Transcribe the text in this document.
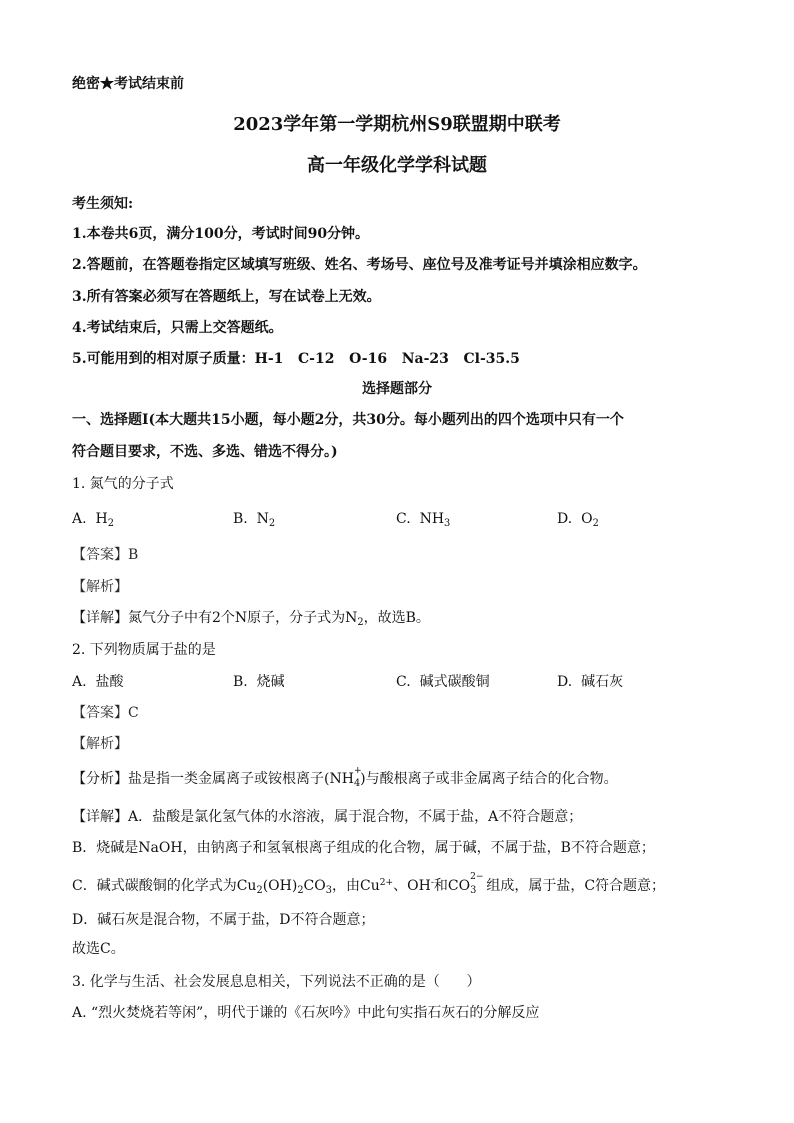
绝密★考试结束前
2023学年第一学期杭州S9联盟期中联考
高一年级化学学科试题
考生须知:
1.本卷共6页，满分100分，考试时间90分钟。
2.答题前，在答题卷指定区域填写班级、姓名、考场号、座位号及准考证号并填涂相应数字。
3.所有答案必须写在答题纸上，写在试卷上无效。
4.考试结束后，只需上交答题纸。
5.可能用到的相对原子质量：H-1   C-12   O-16   Na-23   Cl-35.5
选择题部分
一、选择题Ⅰ(本大题共15小题，每小题2分，共30分。每小题列出的四个选项中只有一个
符合题目要求，不选、多选、错选不得分。)
1. 氮气的分子式
A. $H_2$	B. $N_2$	C. $NH_3$	D. $O_2$
【答案】B
【解析】
【详解】氮气分子中有2个N原子，分子式为$N_2$，故选B。
2. 下列物质属于盐的是
A.  盐酸	B.  烧碱	C.  碱式碳酸铜	D.  碱石灰
【答案】C
【解析】
【分析】盐是指一类金属离子或铵根离子(NH +
$_4$)与酸根离子或非金属离子结合的化合物。
【详解】A．盐酸是氯化氢气体的水溶液，属于混合物，不属于盐，A不符合题意；
B．烧碱是NaOH，由钠离子和氢氧根离子组成的化合物，属于碱，不属于盐，B不符合题意；
C．碱式碳酸铜的化学式为$Cu_2(OH)_2CO_3$，由$Cu^{2+}$、OH-和CO
2−
$_3$ 组成，属于盐，C符合题意；
D．碱石灰是混合物，不属于盐，D不符合题意；
故选C。
3. 化学与生活、社会发展息息相关，下列说法不正确的是（      ）
A. “烈火焚烧若等闲”，明代于谦的《石灰吟》中此句实指石灰石的分解反应
